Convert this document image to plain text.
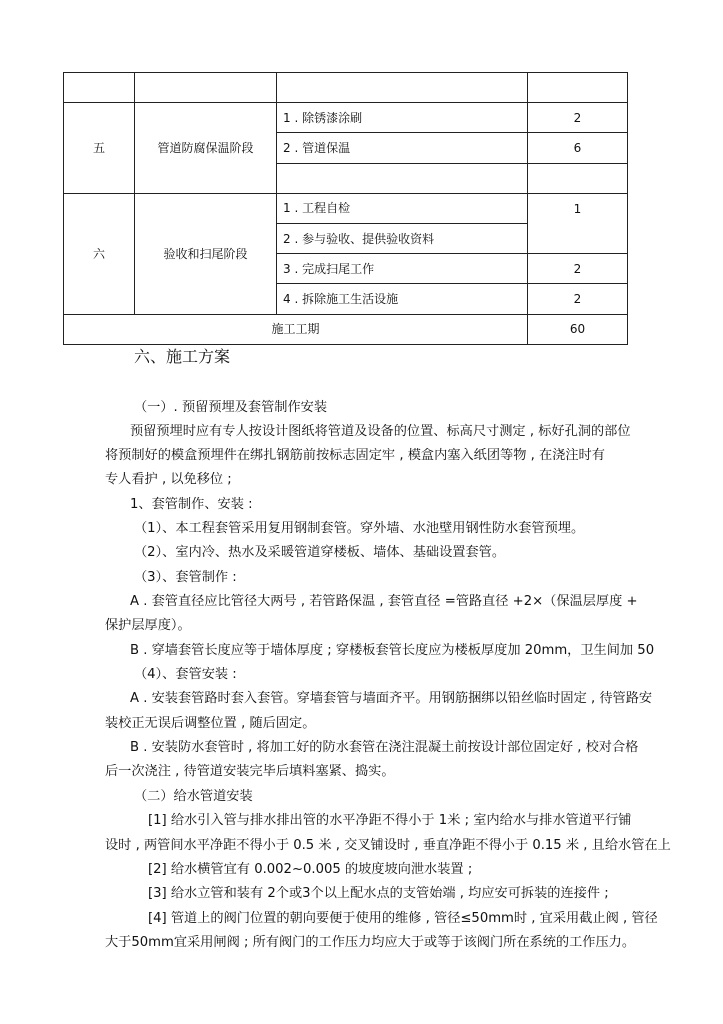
五	管道防腐保温阶段	1 . 除锈漆涂刷	2
		2 . 管道保温	6

六	验收和扫尾阶段	1 . 工程自检	1
		2 . 参与验收、提供验收资料	
		3 . 完成扫尾工作	2
		4 . 拆除施工生活设施	2
施工工期			60
六、施工方案
（一）. 预留预埋及套管制作安装
预留预埋时应有专人按设计图纸将管道及设备的位置、标高尺寸测定 , 标好孔洞的部位
将预制好的模盒预埋件在绑扎钢筋前按标志固定牢 , 模盒内塞入纸团等物 , 在浇注时有
专人看护 , 以免移位 ;
1、套管制作、安装 :
（1）、本工程套管采用复用钢制套管。穿外墙、水池壁用钢性防水套管预埋。
（2）、室内冷、热水及采暖管道穿楼板、墙体、基础设置套管。
（3）、套管制作 :
A . 套管直径应比管径大两号 , 若管路保温 , 套管直径 =管路直径 +2×（保温层厚度 +
保护层厚度）。
B . 穿墙套管长度应等于墙体厚度 ; 穿楼板套管长度应为楼板厚度加 20mm，卫生间加 50
（4）、套管安装 :
A . 安装套管路时套入套管。穿墙套管与墙面齐平。用钢筋捆绑以铅丝临时固定 , 待管路安
装校正无误后调整位置 , 随后固定。
B . 安装防水套管时 , 将加工好的防水套管在浇注混凝土前按设计部位固定好 , 校对合格
后一次浇注 , 待管道安装完毕后填料塞紧、捣实。
（二）给水管道安装
[1] 给水引入管与排水排出管的水平净距不得小于 1米 ; 室内给水与排水管道平行铺
设时 , 两管间水平净距不得小于 0.5 米 , 交叉铺设时 , 垂直净距不得小于 0.15 米 , 且给水管在上
[2] 给水横管宜有 0.002~0.005 的坡度坡向泄水装置 ;
[3] 给水立管和装有 2个或3个以上配水点的支管始端 , 均应安可拆装的连接件 ;
[4] 管道上的阀门位置的朝向要便于使用的维修 , 管径≤50mm时 , 宜采用截止阀 , 管径
大于50mm宜采用闸阀 ; 所有阀门的工作压力均应大于或等于该阀门所在系统的工作压力。
